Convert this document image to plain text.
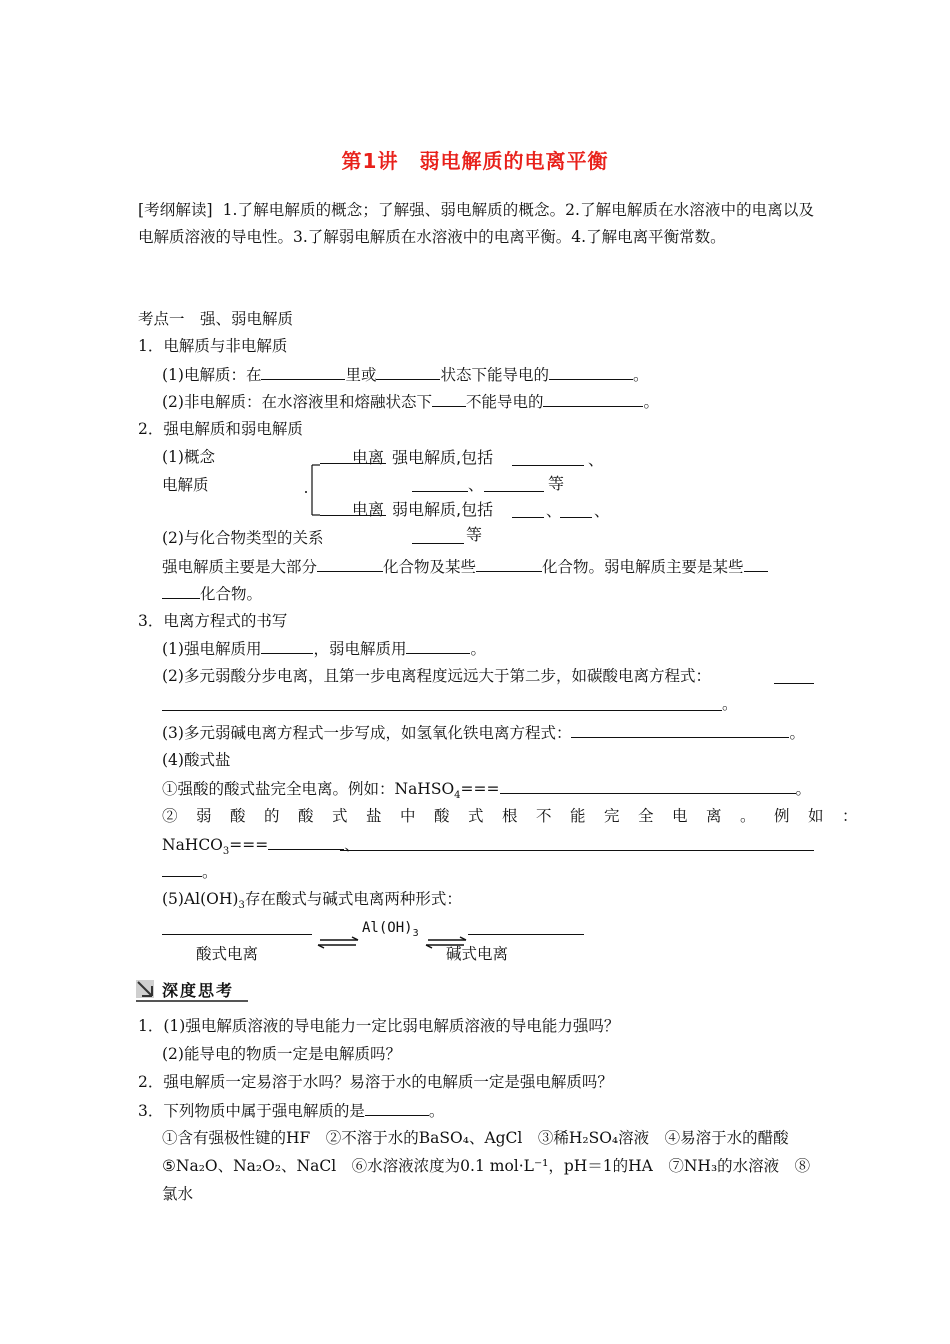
第1讲　弱电解质的电离平衡
[考纲解读] 1.了解电解质的概念；了解强、弱电解质的概念。2.了解电解质在水溶液中的电离以及电解质溶液的导电性。3.了解弱电解质在水溶液中的电离平衡。4.了解电离平衡常数。
考点一　强、弱电解质
1．电解质与非电解质
(1)电解质：在	里或	状态下能导电的	。
(2)非电解质：在水溶液里和熔融状态下 不能导电的	。
2．强电解质和弱电解质
(1)概念
电解质
电离 强电解质,包括	、
、	等
电离 弱电解质,包括	、 、
等
(2)与化合物类型的关系
强电解质主要是大部分	化合物及某些	化合物。弱电解质主要是某些
化合物。
3．电离方程式的书写
(1)强电解质用	，弱电解质用	。
(2)多元弱酸分步电离，且第一步电离程度远远大于第二步，如碳酸电离方程式：
。
(3)多元弱碱电离方程式一步写成，如氢氧化铁电离方程式：	。
(4)酸式盐
①强酸的酸式盐完全电离。例如：NaHSO$_4$===	。
②弱酸的酸式盐中酸式根不能完全电离。例如：
NaHCO$_3$===	、
。
$(5)Al(OH)_3$存在酸式与碱式电离两种形式：
$Al(OH)_3$
酸式电离	碱式电离
深度思考
1．(1)强电解质溶液的导电能力一定比弱电解质溶液的导电能力强吗？
(2)能导电的物质一定是电解质吗？
2．强电解质一定易溶于水吗？易溶于水的电解质一定是强电解质吗？
3．下列物质中属于强电解质的是	。
①含有强极性键的HF　②不溶于水的BaSO₄、AgCl　③稀H₂SO₄溶液　④易溶于水的醋酸
⑤Na₂O、Na₂O₂、NaCl　⑥水溶液浓度为0.1 mol·L⁻¹，pH＝1的HA　⑦NH₃的水溶液　⑧
氯水
